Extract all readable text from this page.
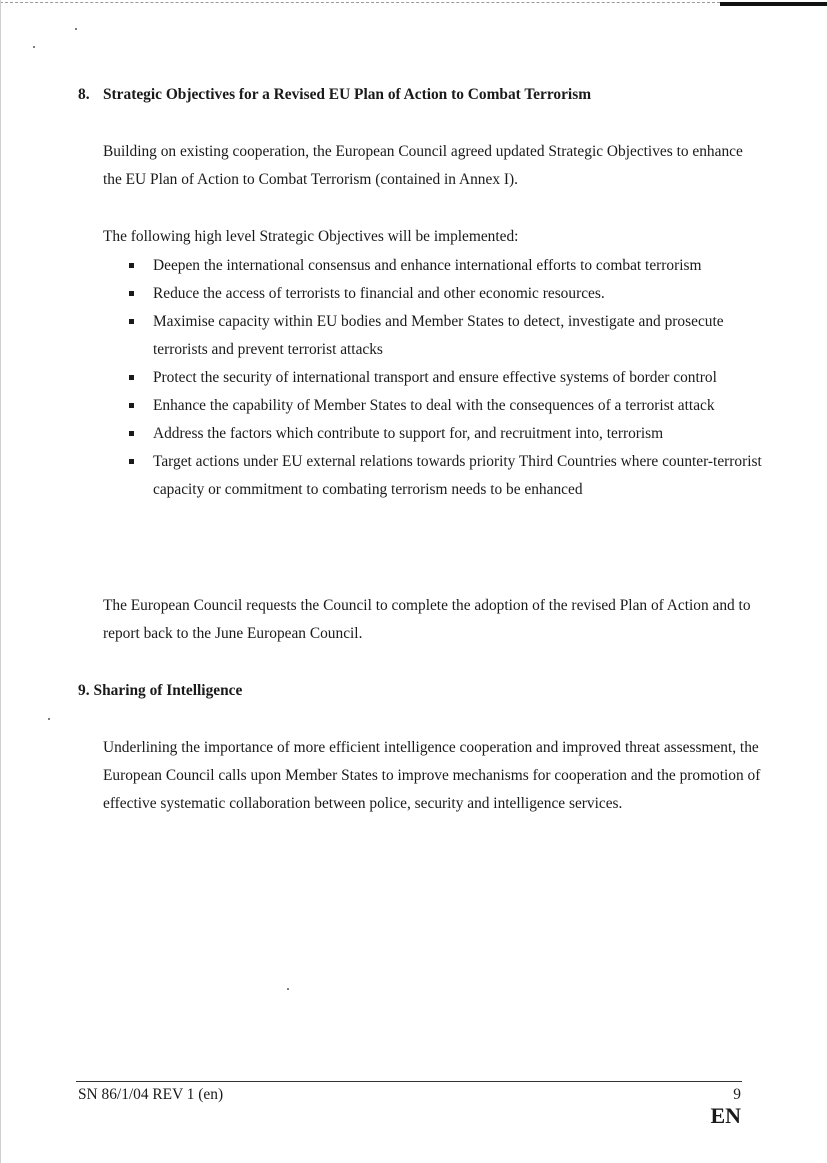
8. Strategic Objectives for a Revised EU Plan of Action to Combat Terrorism
Building on existing cooperation, the European Council agreed updated Strategic Objectives to enhance the EU Plan of Action to Combat Terrorism (contained in Annex I).
The following high level Strategic Objectives will be implemented:
Deepen the international consensus and enhance international efforts to combat terrorism
Reduce the access of terrorists to financial and other economic resources.
Maximise capacity within EU bodies and Member States to detect, investigate and prosecute terrorists and prevent terrorist attacks
Protect the security of international transport and ensure effective systems of border control
Enhance the capability of Member States to deal with the consequences of a terrorist attack
Address the factors which contribute to support for, and recruitment into, terrorism
Target actions under EU external relations towards priority Third Countries where counter-terrorist capacity or commitment to combating terrorism needs to be enhanced
The European Council requests the Council to complete the adoption of the revised Plan of Action and to report back to the June European Council.
9. Sharing of Intelligence
Underlining the importance of more efficient intelligence cooperation and improved threat assessment, the European Council calls upon Member States to improve mechanisms for cooperation and the promotion of effective systematic collaboration between police, security and intelligence services.
SN 86/1/04 REV 1 (en)	9
EN
